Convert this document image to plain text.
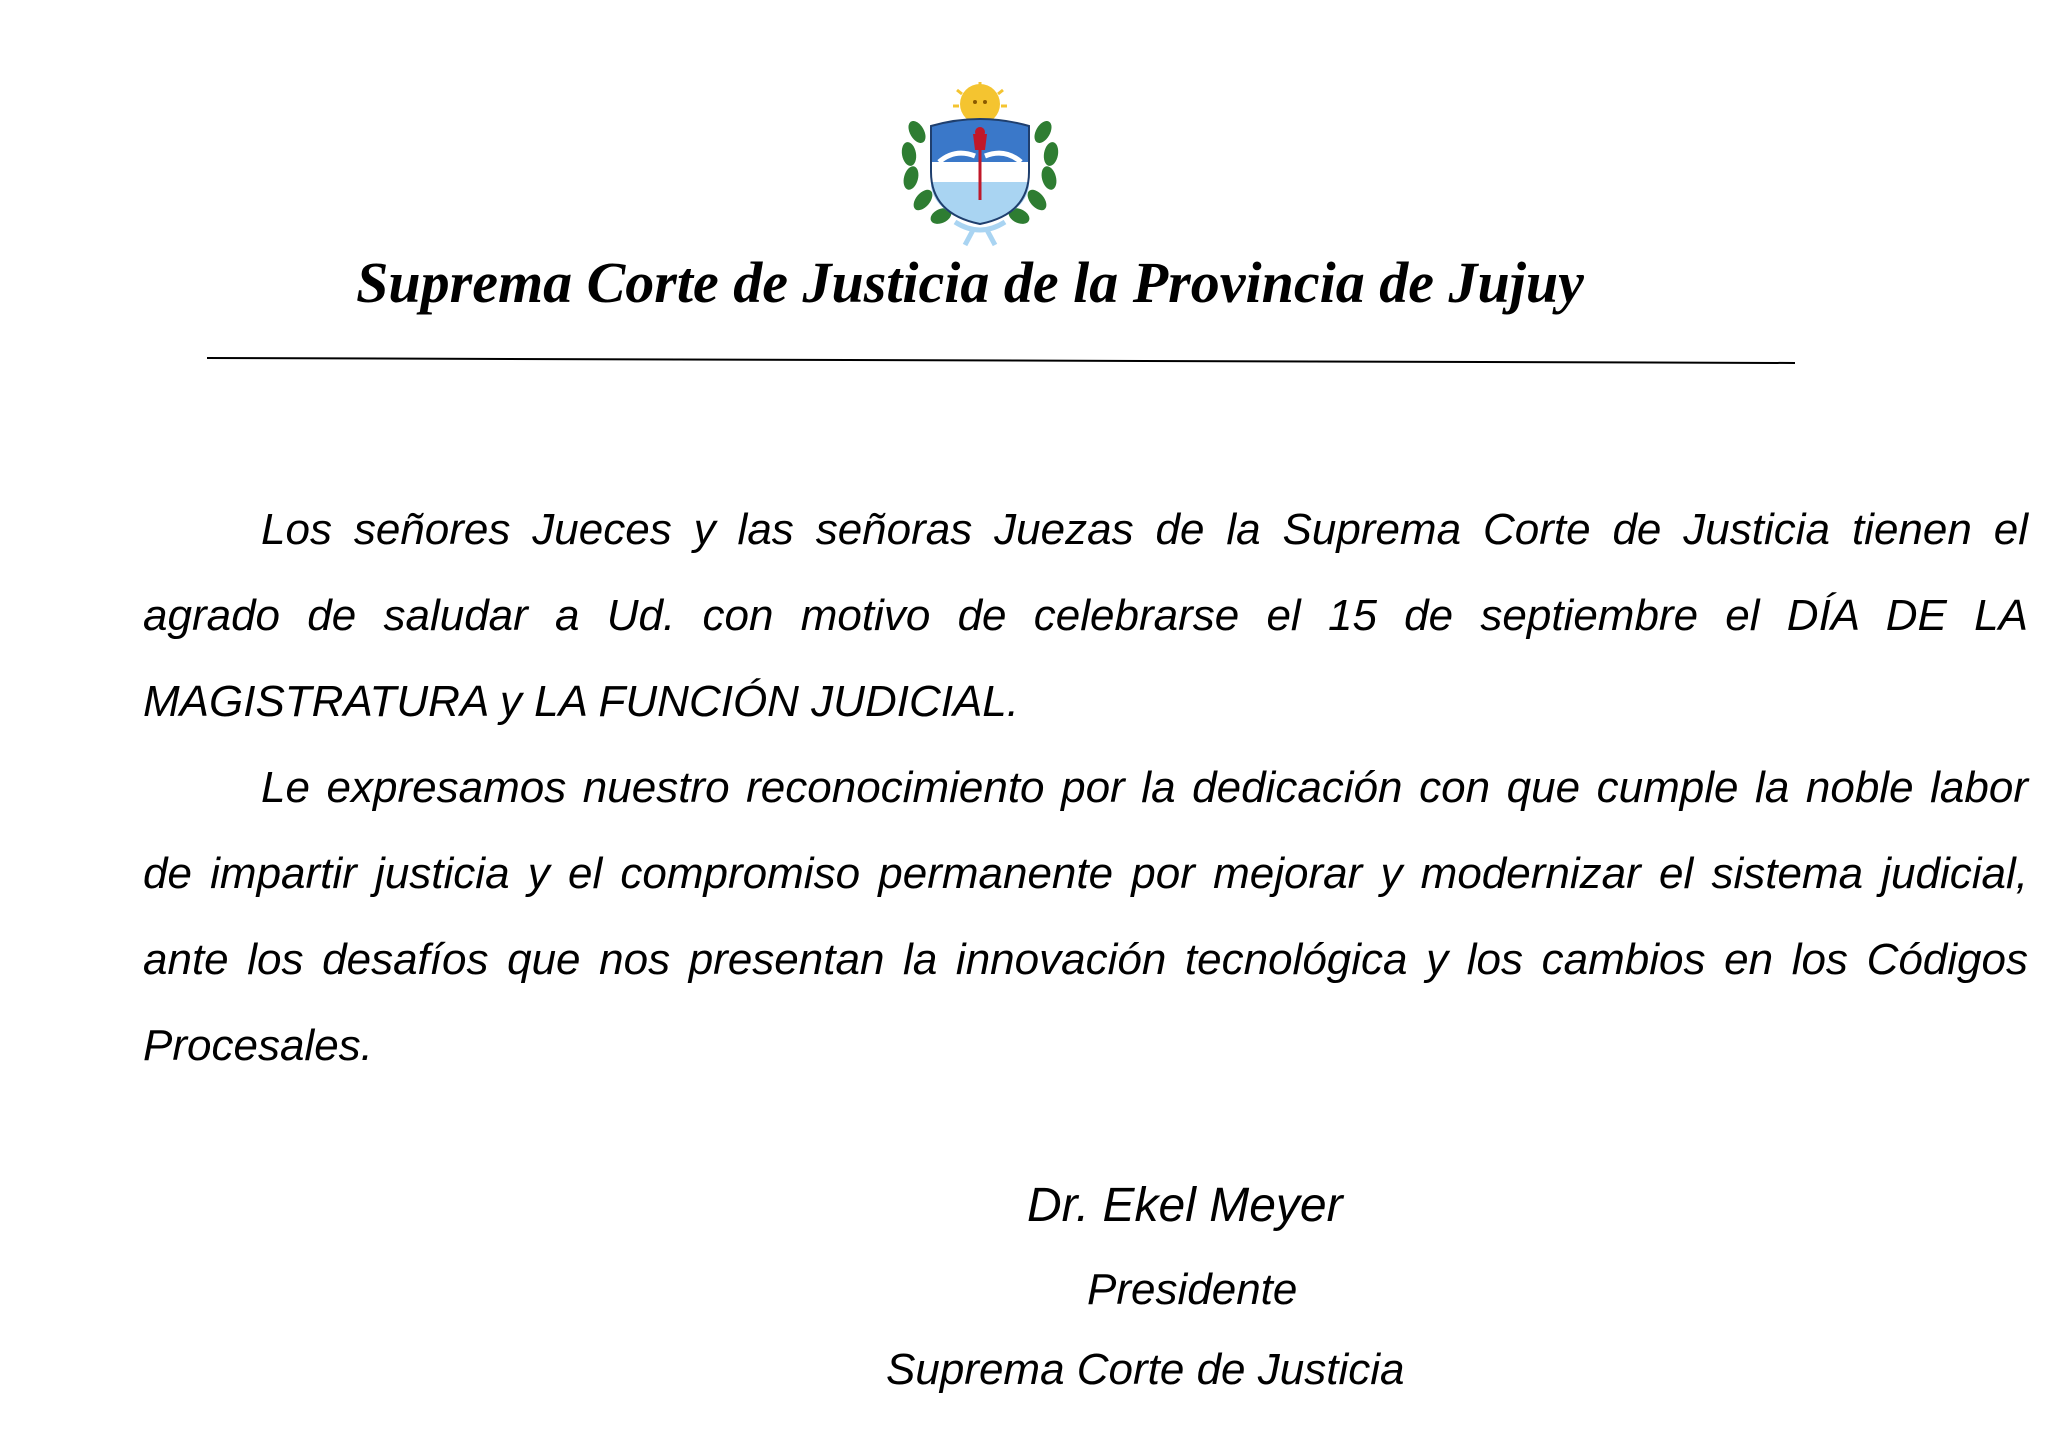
Suprema Corte de Justicia de la Provincia de Jujuy

Los señores Jueces y las señoras Juezas de la Suprema Corte de Justicia tienen el agrado de saludar a Ud. con motivo de celebrarse el 15 de septiembre el DÍA DE LA MAGISTRATURA y LA FUNCIÓN JUDICIAL.

Le expresamos nuestro reconocimiento por la dedicación con que cumple la noble labor de impartir justicia y el compromiso permanente por mejorar y modernizar el sistema judicial, ante los desafíos que nos presentan la innovación tecnológica y los cambios en los Códigos Procesales.

Dr. Ekel Meyer
Presidente
Suprema Corte de Justicia
